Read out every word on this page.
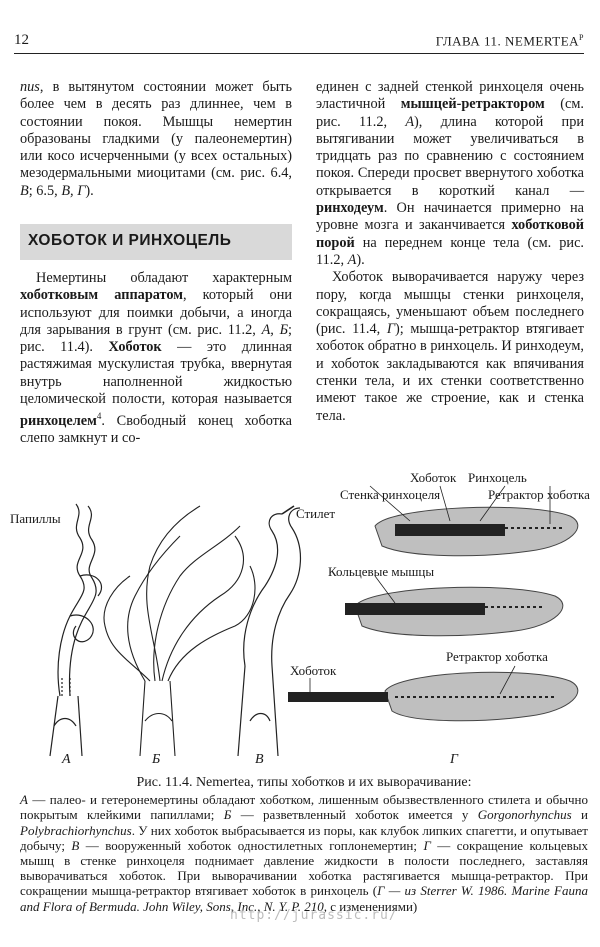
12	ГЛАВА 11. $NEMERTEA^P$

nus, в вытянутом состоянии может быть более чем в десять раз длиннее, чем в состоянии покоя. Мышцы немертин образованы гладкими (у палеонемертин) или косо исчерченными (у всех остальных) мезодермальными миоцитами (см. рис. 6.4, В; 6.5, В, Г).

ХОБОТОК И РИНХОЦЕЛЬ

Немертины обладают характерным хоботковым аппаратом, который они используют для поимки добычи, а иногда для зарывания в грунт (см. рис. 11.2, А, Б; рис. 11.4). Хоботок — это длинная растяжимая мускулистая трубка, ввернутая внутрь наполненной жидкостью целомической полости, которая называется ринхоцелем$^4$. Свободный конец хоботка слепо замкнут и со-

единен с задней стенкой ринхоцеля очень эластичной мышцей-ретрактором (см. рис. 11.2, А), длина которой при вытягивании может увеличиваться в тридцать раз по сравнению с состоянием покоя. Спереди просвет ввернутого хоботка открывается в короткий канал — ринходеум. Он начинается примерно на уровне мозга и заканчивается хоботковой порой на переднем конце тела (см. рис. 11.2, А).

Хоботок выворачивается наружу через пору, когда мышцы стенки ринхоцеля, сокращаясь, уменьшают объем последнего (рис. 11.4, Г); мышца-ретрактор втягивает хоботок обратно в ринхоцель. И ринходеум, и хоботок закладываются как впячивания стенки тела, и их стенки соответственно имеют такое же строение, как и стенка тела.

Папиллы	Стилет
Хоботок Ринхоцель
Стенка ринхоцеля	Ретрактор хоботка
Кольцевые мышцы
Хоботок
Ретрактор хоботка
А	Б	В	Г
Рис. 11.4. Nemertea, типы хоботков и их выворачивание:

А — палео- и гетеронемертины обладают хоботком, лишенным обызвествленного стилета и обычно покрытым клейкими папиллами; Б — разветвленный хоботок имеется у Gorgonorhynchus и Polybrachiorhynchus. У них хоботок выбрасывается из поры, как клубок липких спагетти, и опутывает добычу; В — вооруженный хоботок одностилетных гоплонемертин; Г — сокращение кольцевых мышц в стенке ринхоцеля поднимает давление жидкости в полости последнего, заставляя выворачиваться хоботок. При выворачивании хоботка растягивается мышца-ретрактор. При сокращении мышца-ретрактор втягивает хоботок в ринхоцель (Г — из Sterrer W. 1986. Marine Fauna and Flora of Bermuda. John Wiley, Sons, Inc., N. Y. P. 210, с изменениями)

http://jurassic.ru/
